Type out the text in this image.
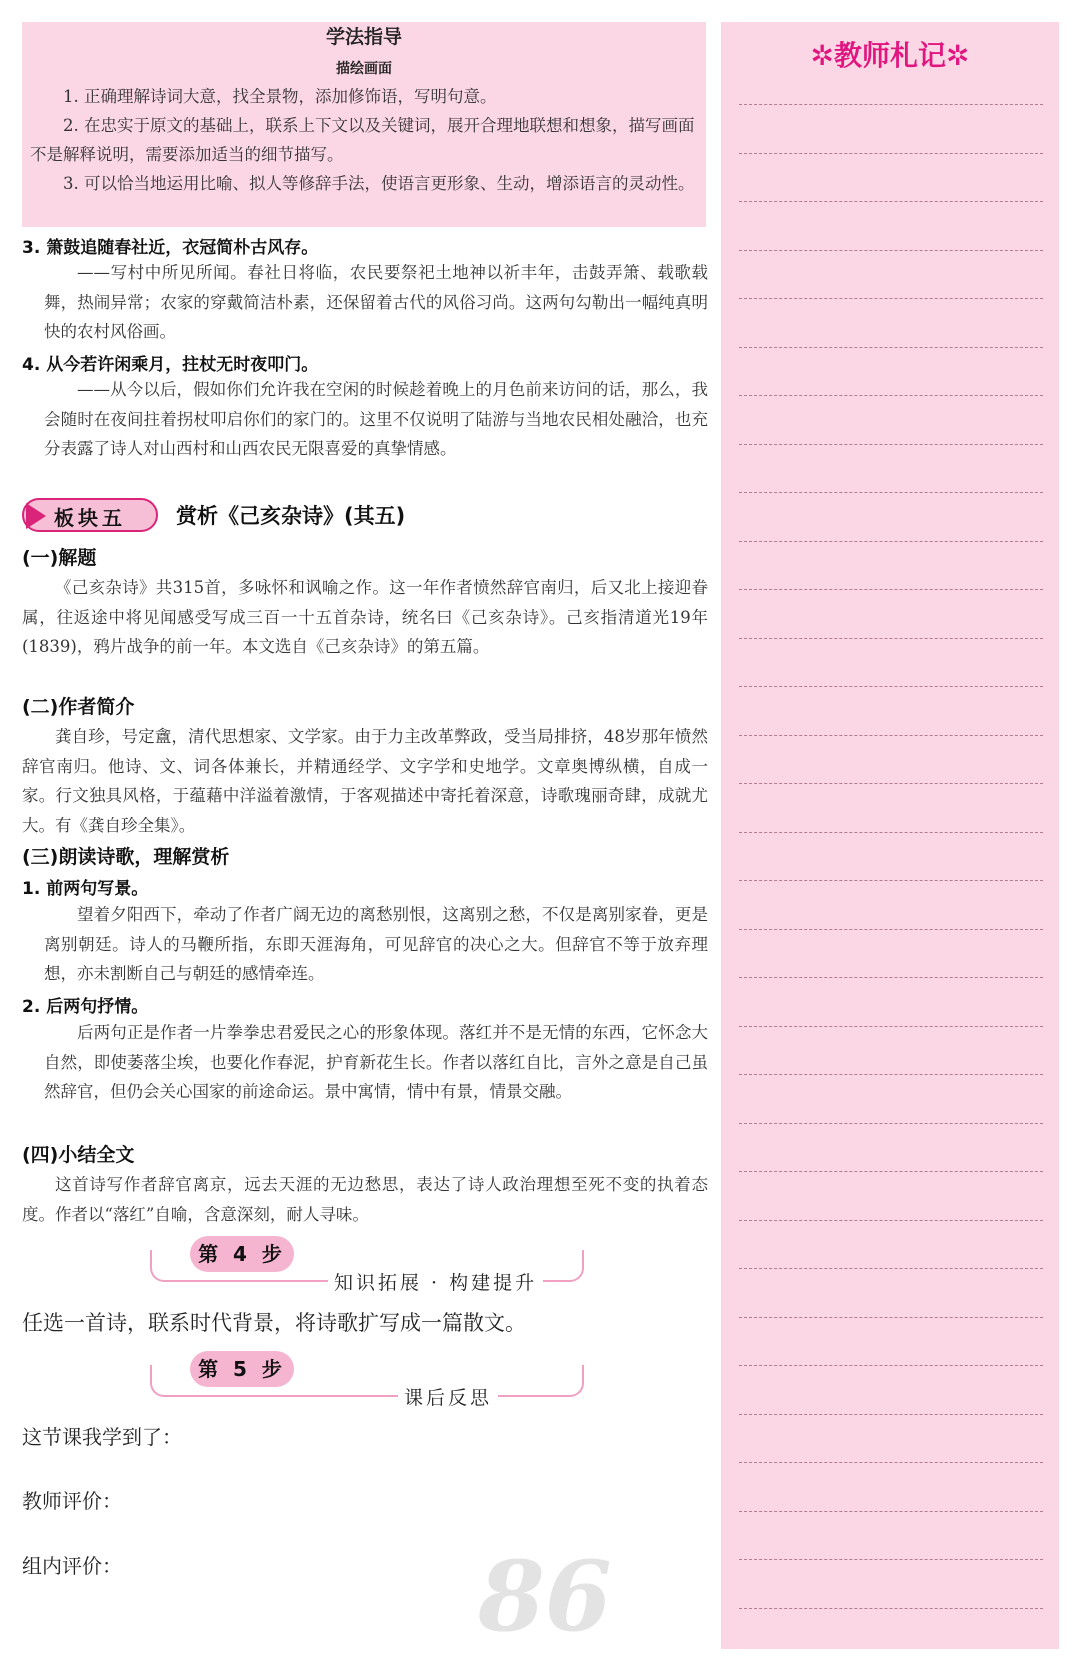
学法指导
描绘画面
1. 正确理解诗词大意，找全景物，添加修饰语，写明句意。
2. 在忠实于原文的基础上，联系上下文以及关键词，展开合理地联想和想象，描写画面不是解释说明，需要添加适当的细节描写。
3. 可以恰当地运用比喻、拟人等修辞手法，使语言更形象、生动，增添语言的灵动性。
3. 箫鼓追随春社近，衣冠简朴古风存。
——写村中所见所闻。春社日将临，农民要祭祀土地神以祈丰年，击鼓弄箫、载歌载舞，热闹异常；农家的穿戴简洁朴素，还保留着古代的风俗习尚。这两句勾勒出一幅纯真明快的农村风俗画。
4. 从今若许闲乘月，拄杖无时夜叩门。
——从今以后，假如你们允许我在空闲的时候趁着晚上的月色前来访问的话，那么，我会随时在夜间拄着拐杖叩启你们的家门的。这里不仅说明了陆游与当地农民相处融洽，也充分表露了诗人对山西村和山西农民无限喜爱的真挚情感。
板块五 赏析《己亥杂诗》(其五)
(一)解题
《己亥杂诗》共315首，多咏怀和讽喻之作。这一年作者愤然辞官南归，后又北上接迎眷属，往返途中将见闻感受写成三百一十五首杂诗，统名曰《己亥杂诗》。己亥指清道光19年(1839)，鸦片战争的前一年。本文选自《己亥杂诗》的第五篇。
(二)作者简介
龚自珍，号定盦，清代思想家、文学家。由于力主改革弊政，受当局排挤，48岁那年愤然辞官南归。他诗、文、词各体兼长，并精通经学、文字学和史地学。文章奥博纵横，自成一家。行文独具风格，于蕴藉中洋溢着激情，于客观描述中寄托着深意，诗歌瑰丽奇肆，成就尤大。有《龚自珍全集》。
(三)朗读诗歌，理解赏析
1. 前两句写景。
望着夕阳西下，牵动了作者广阔无边的离愁别恨，这离别之愁，不仅是离别家眷，更是离别朝廷。诗人的马鞭所指，东即天涯海角，可见辞官的决心之大。但辞官不等于放弃理想，亦未割断自己与朝廷的感情牵连。
2. 后两句抒情。
后两句正是作者一片拳拳忠君爱民之心的形象体现。落红并不是无情的东西，它怀念大自然，即使萎落尘埃，也要化作春泥，护育新花生长。作者以落红自比，言外之意是自己虽然辞官，但仍会关心国家的前途命运。景中寓情，情中有景，情景交融。
(四)小结全文
这首诗写作者辞官离京，远去天涯的无边愁思，表达了诗人政治理想至死不变的执着态度。作者以“落红”自喻，含意深刻，耐人寻味。
第 4 步
知识拓展 · 构建提升
任选一首诗，联系时代背景，将诗歌扩写成一篇散文。
第 5 步
课后反思
这节课我学到了：
教师评价：
组内评价：	86
✲教师札记✲
